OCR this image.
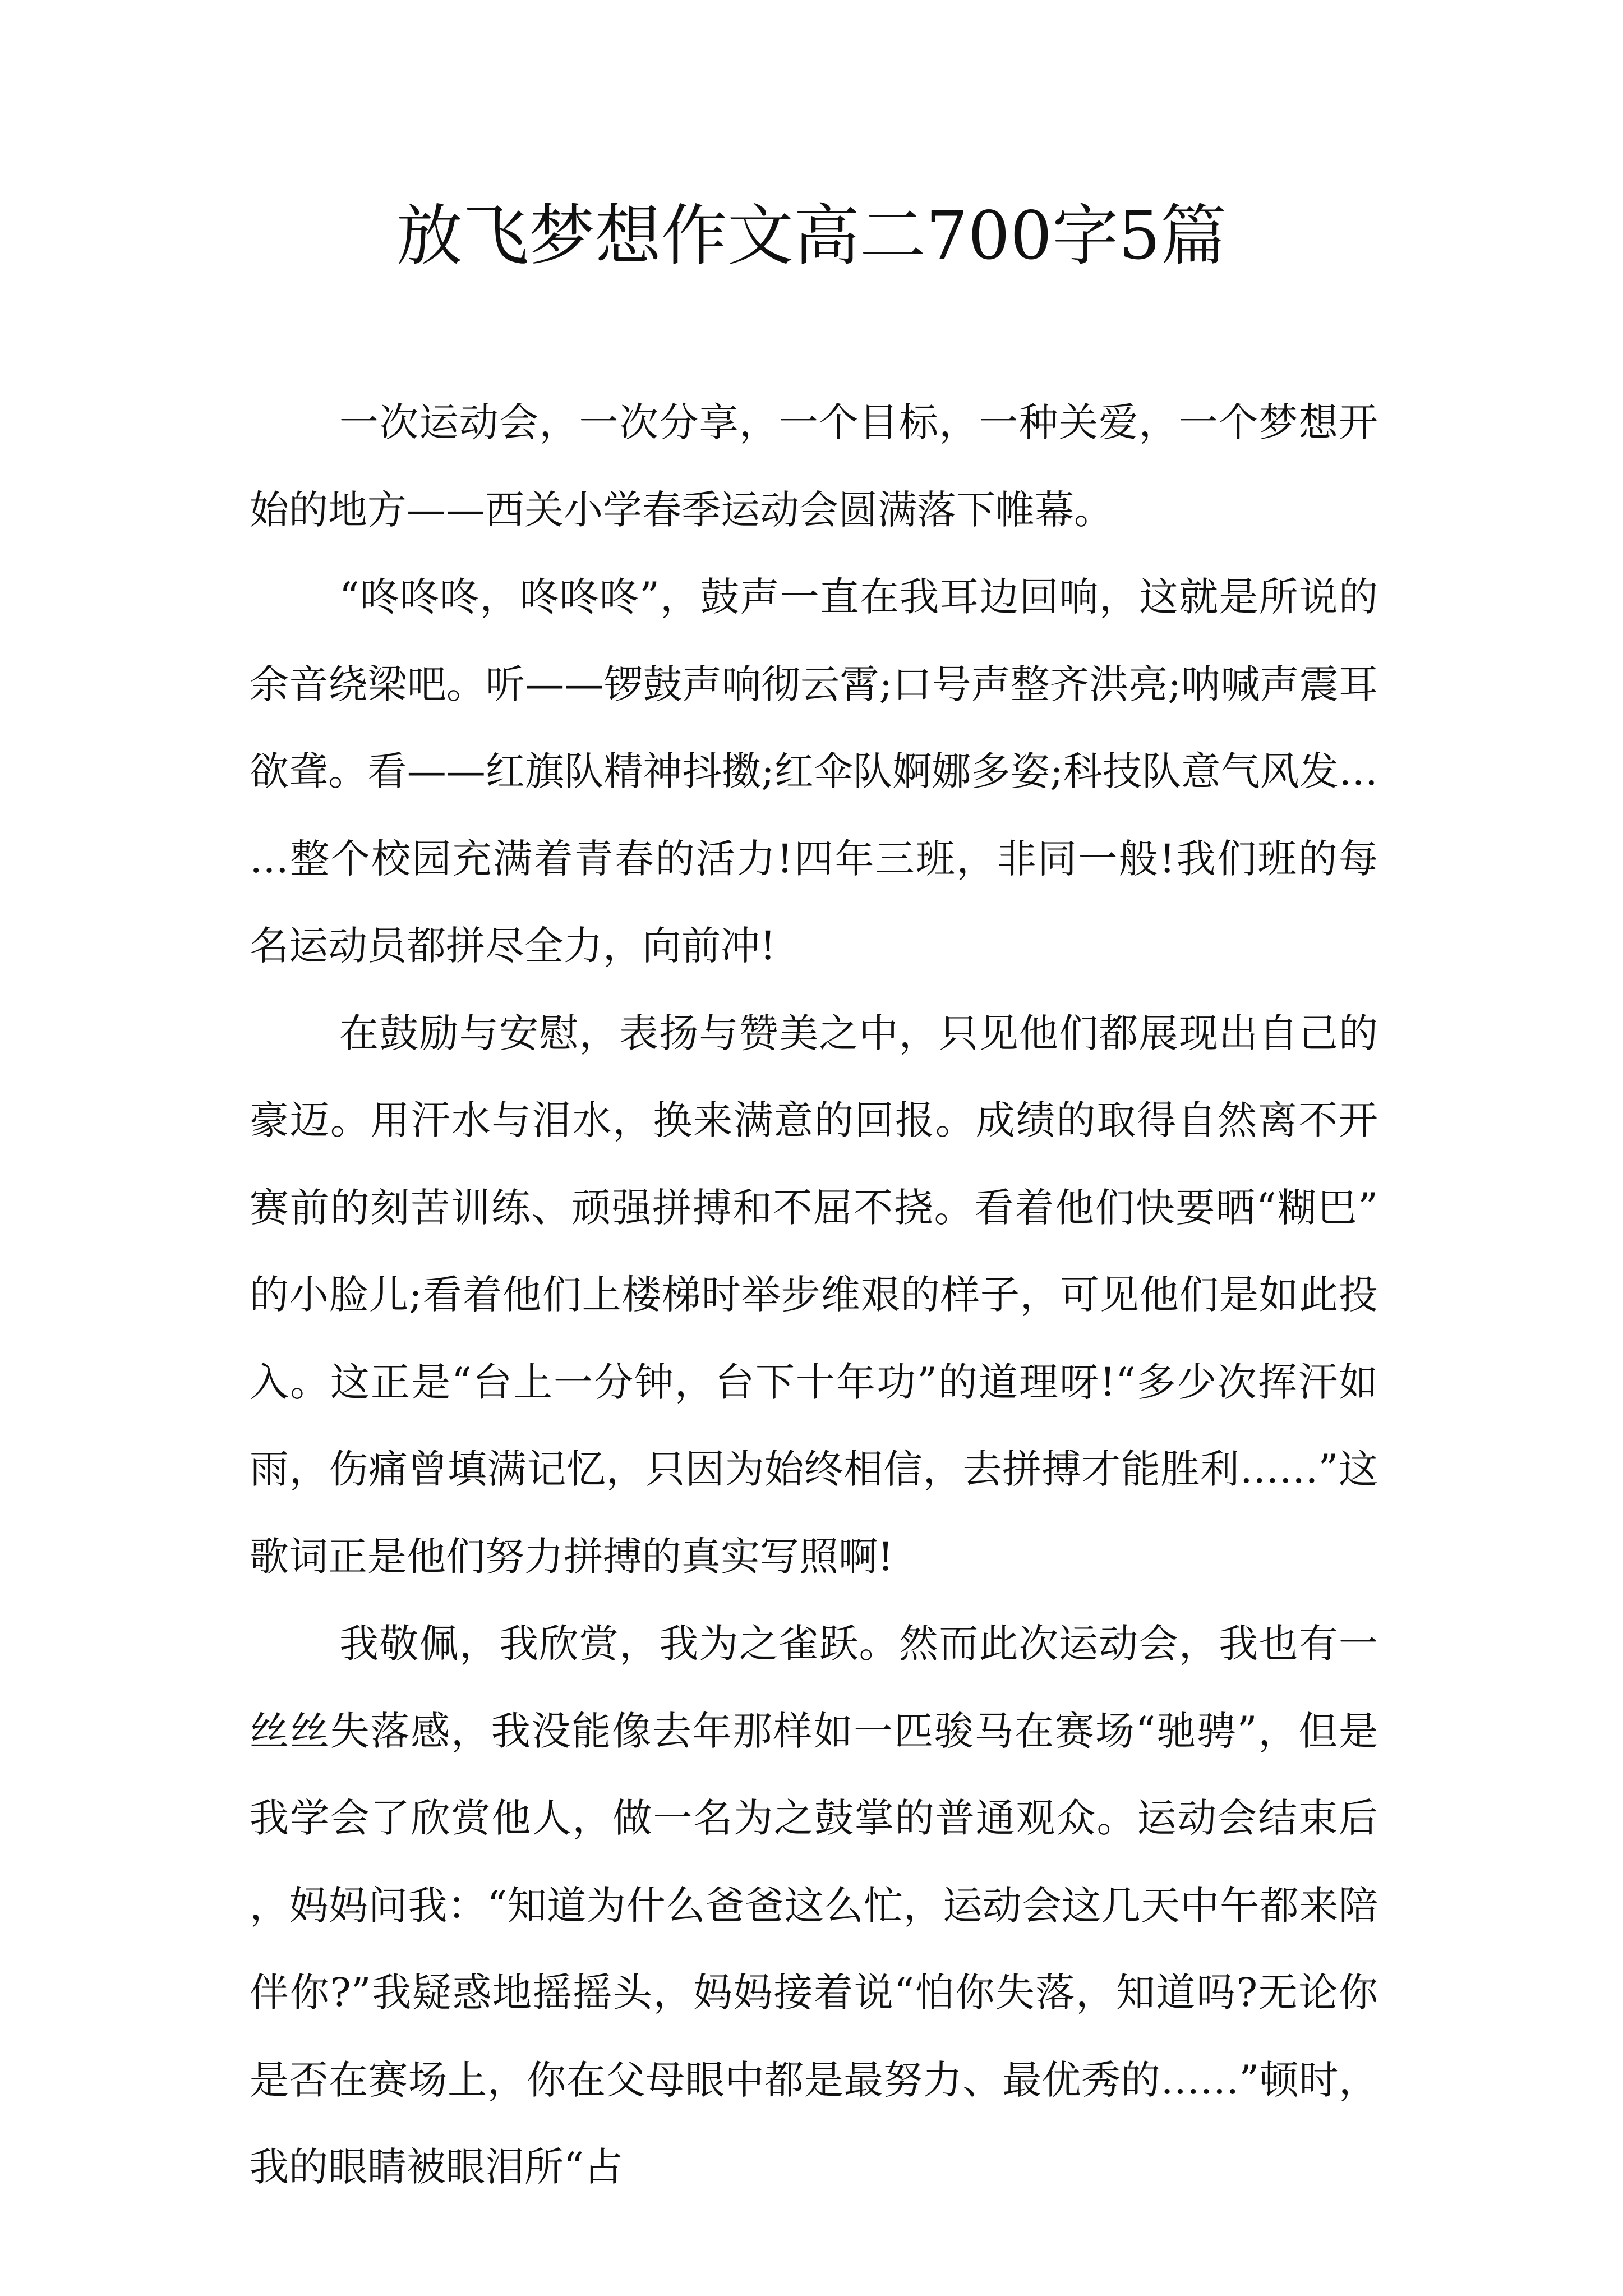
放飞梦想作文高二700字5篇

一次运动会，一次分享，一个目标，一种关爱，一个梦想开始的地方——西关小学春季运动会圆满落下帷幕。

“咚咚咚，咚咚咚”，鼓声一直在我耳边回响，这就是所说的余音绕梁吧。听——锣鼓声响彻云霄;口号声整齐洪亮;呐喊声震耳欲聋。看——红旗队精神抖擞;红伞队婀娜多姿;科技队意气风发……整个校园充满着青春的活力!四年三班，非同一般!我们班的每名运动员都拼尽全力，向前冲!

在鼓励与安慰，表扬与赞美之中，只见他们都展现出自己的豪迈。用汗水与泪水，换来满意的回报。成绩的取得自然离不开赛前的刻苦训练、顽强拼搏和不屈不挠。看着他们快要晒“糊巴”的小脸儿;看着他们上楼梯时举步维艰的样子，可见他们是如此投入。这正是“台上一分钟，台下十年功”的道理呀!“多少次挥汗如雨，伤痛曾填满记忆，只因为始终相信，去拼搏才能胜利……”这歌词正是他们努力拼搏的真实写照啊!

我敬佩，我欣赏，我为之雀跃。然而此次运动会，我也有一丝丝失落感，我没能像去年那样如一匹骏马在赛场“驰骋”，但是我学会了欣赏他人，做一名为之鼓掌的普通观众。运动会结束后，妈妈问我：“知道为什么爸爸这么忙，运动会这几天中午都来陪伴你?”我疑惑地摇摇头，妈妈接着说“怕你失落，知道吗?无论你是否在赛场上，你在父母眼中都是最努力、最优秀的……”顿时，我的眼睛被眼泪所“占
